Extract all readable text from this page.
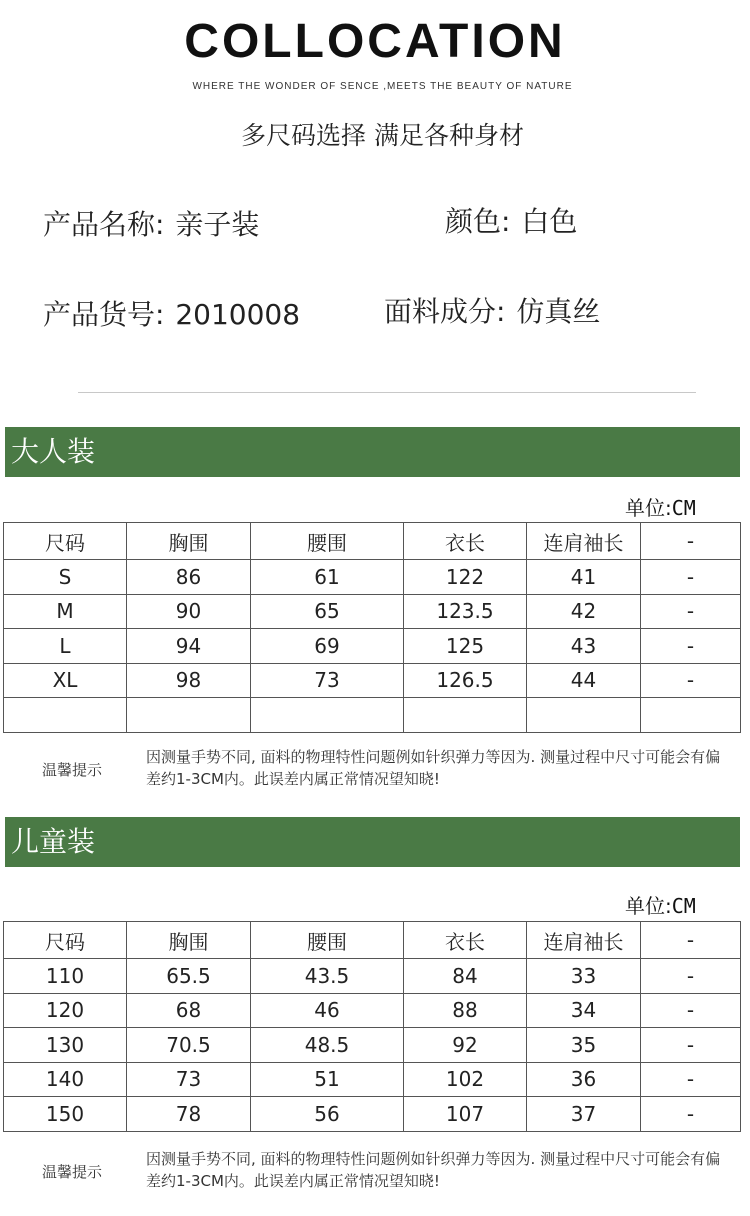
COLLOCATION
WHERE THE WONDER OF SENCE ,MEETS THE BEAUTY OF NATURE
多尺码选择 满足各种身材
产品名称: 亲子装	颜色: 白色
产品货号: 2010008	面料成分: 仿真丝
大人装
单位:CM
尺码	胸围	腰围	衣长	连肩袖长	-
S	86	61	122	41	-
M	90	65	123.5	42	-
L	94	69	125	43	-
XL	98	73	126.5	44	-

温馨提示
因测量手势不同, 面料的物理特性问题例如针织弹力等因为. 测量过程中尺寸可能会有偏差约1-3CM内。此误差内属正常情况望知晓!
儿童装
单位:CM
尺码	胸围	腰围	衣长	连肩袖长	-
110	65.5	43.5	84	33	-
120	68	46	88	34	-
130	70.5	48.5	92	35	-
140	73	51	102	36	-
150	78	56	107	37	-
温馨提示
因测量手势不同, 面料的物理特性问题例如针织弹力等因为. 测量过程中尺寸可能会有偏差约1-3CM内。此误差内属正常情况望知晓!
